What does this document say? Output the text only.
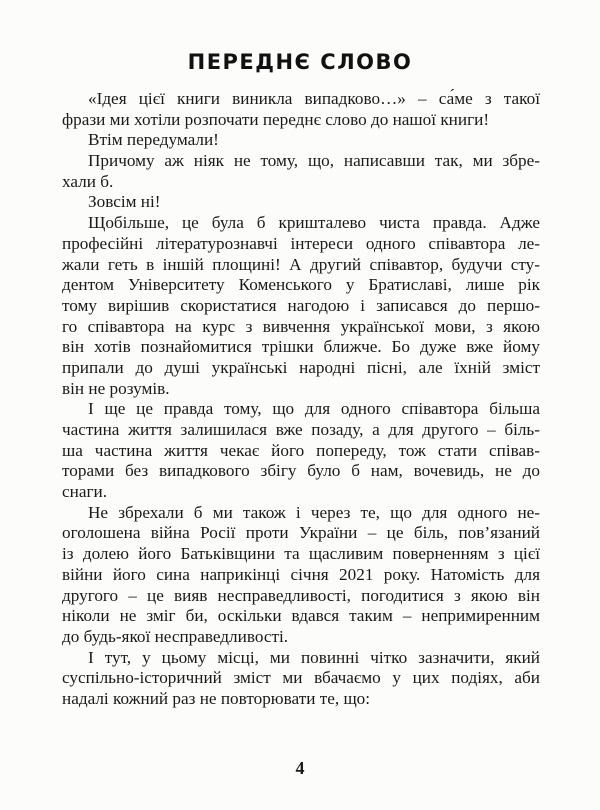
ПЕРЕДНЄ СЛОВО
«Ідея цієї книги виникла випадково…» – са́ме з такої
фрази ми хотіли розпочати переднє слово до нашої книги!
Втім передумали!
Причому аж ніяк не тому, що, написавши так, ми збре-
хали б.
Зовсім ні!
Щобільше, це була б кришталево чиста правда. Адже
професійні літературознавчі інтереси одного співавтора ле-
жали геть в іншій площині! А другий співавтор, будучи сту-
дентом Університету Коменського у Братиславі, лише рік
тому вирішив скористатися нагодою і записався до першо-
го співавтора на курс з вивчення української мови, з якою
він хотів познайомитися трішки ближче. Бо дуже вже йому
припали до душі українські народні пісні, але їхній зміст
він не розумів.
І ще це правда тому, що для одного співавтора більша
частина життя залишилася вже позаду, а для другого – біль-
ша частина життя чекає його попереду, тож стати співав-
торами без випадкового збігу було б нам, вочевидь, не до
снаги.
Не збрехали б ми також і через те, що для одного не-
оголошена війна Росії проти України – це біль, пов’язаний
із долею його Батьківщини та щасливим поверненням з цієї
війни його сина наприкінці січня 2021 року. Натомість для
другого – це вияв несправедливості, погодитися з якою він
ніколи не зміг би, оскільки вдався таким – непримиренним
до будь-якої несправедливості.
І тут, у цьому місці, ми повинні чітко зазначити, який
суспільно-історичний зміст ми вбачаємо у цих подіях, аби
надалі кожний раз не повторювати те, що:
4
